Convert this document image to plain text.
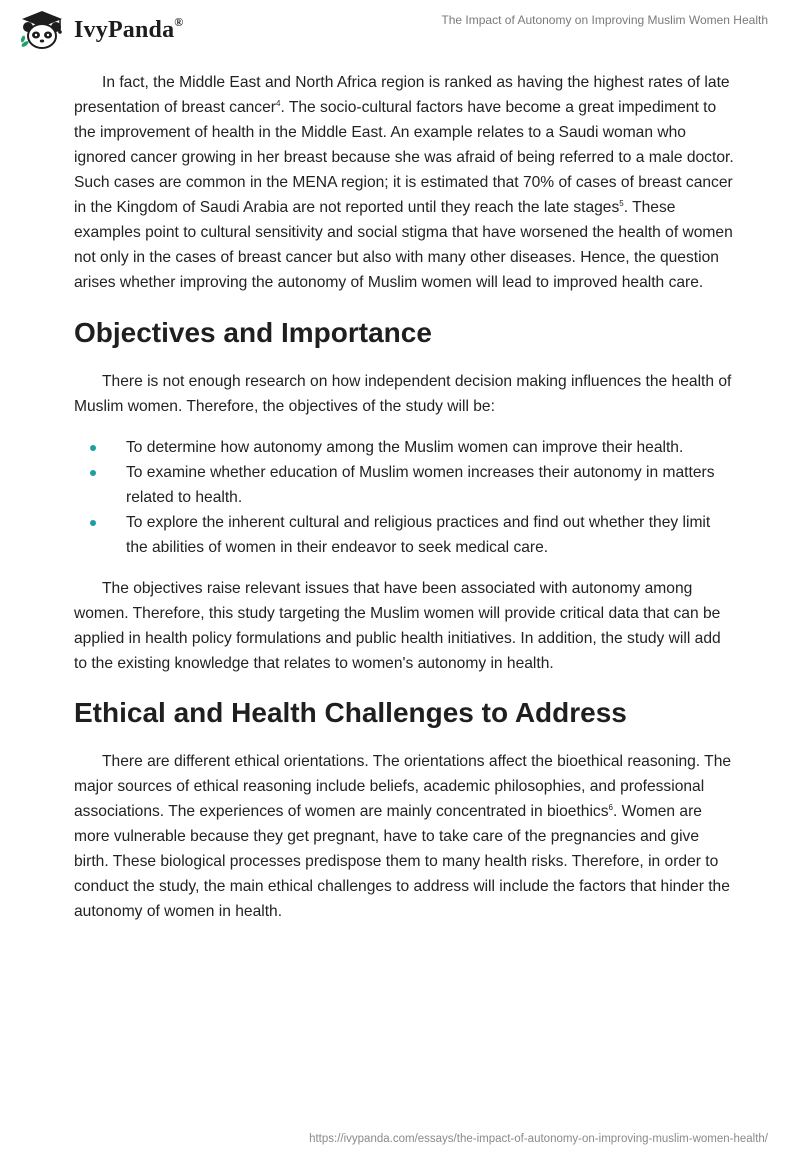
IvyPanda®	The Impact of Autonomy on Improving Muslim Women Health

In fact, the Middle East and North Africa region is ranked as having the highest rates of late presentation of breast cancer$^4$. The socio-cultural factors have become a great impediment to the improvement of health in the Middle East. An example relates to a Saudi woman who ignored cancer growing in her breast because she was afraid of being referred to a male doctor. Such cases are common in the MENA region; it is estimated that 70% of cases of breast cancer in the Kingdom of Saudi Arabia are not reported until they reach the late stages$^5$. These examples point to cultural sensitivity and social stigma that have worsened the health of women not only in the cases of breast cancer but also with many other diseases. Hence, the question arises whether improving the autonomy of Muslim women will lead to improved health care.

Objectives and Importance

There is not enough research on how independent decision making influences the health of Muslim women. Therefore, the objectives of the study will be:

To determine how autonomy among the Muslim women can improve their health.
To examine whether education of Muslim women increases their autonomy in matters related to health.
To explore the inherent cultural and religious practices and find out whether they limit the abilities of women in their endeavor to seek medical care.

The objectives raise relevant issues that have been associated with autonomy among women. Therefore, this study targeting the Muslim women will provide critical data that can be applied in health policy formulations and public health initiatives. In addition, the study will add to the existing knowledge that relates to women's autonomy in health.

Ethical and Health Challenges to Address

There are different ethical orientations. The orientations affect the bioethical reasoning. The major sources of ethical reasoning include beliefs, academic philosophies, and professional associations. The experiences of women are mainly concentrated in bioethics$^6$. Women are more vulnerable because they get pregnant, have to take care of the pregnancies and give birth. These biological processes predispose them to many health risks. Therefore, in order to conduct the study, the main ethical challenges to address will include the factors that hinder the autonomy of women in health.

https://ivypanda.com/essays/the-impact-of-autonomy-on-improving-muslim-women-health/
